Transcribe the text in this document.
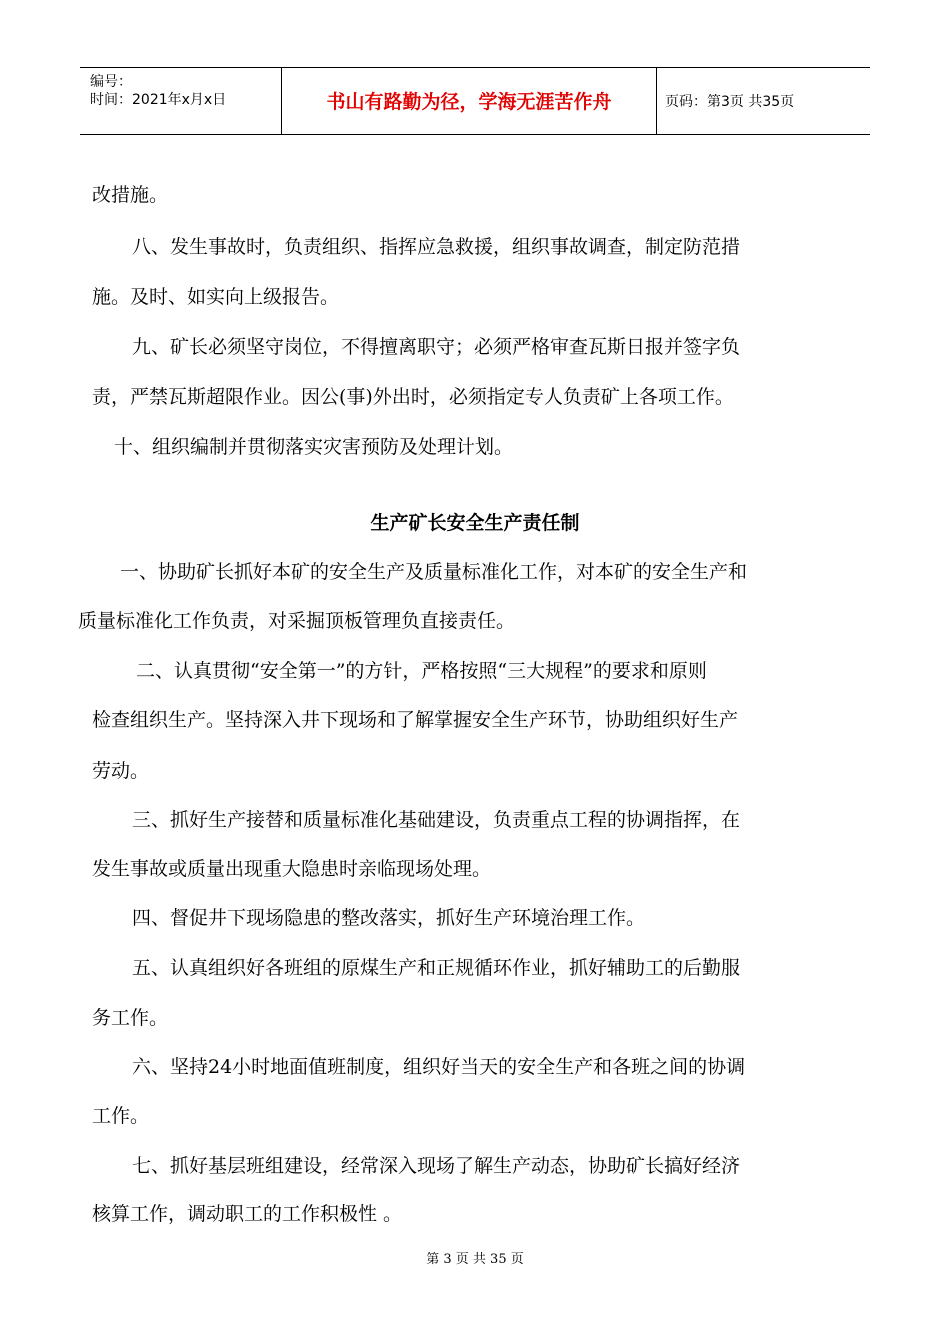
编号：
时间：2021年x月x日	书山有路勤为径，学海无涯苦作舟	页码：第3页 共35页
改措施。
八、发生事故时，负责组织、指挥应急救援，组织事故调查，制定防范措
施。及时、如实向上级报告。
九、矿长必须坚守岗位，不得擅离职守；必须严格审查瓦斯日报并签字负
责，严禁瓦斯超限作业。因公(事)外出时，必须指定专人负责矿上各项工作。
十、组织编制并贯彻落实灾害预防及处理计划。
生产矿长安全生产责任制
一、协助矿长抓好本矿的安全生产及质量标准化工作，对本矿的安全生产和
质量标准化工作负责，对采掘顶板管理负直接责任。
二、认真贯彻“安全第一”的方针，严格按照“三大规程”的要求和原则
检查组织生产。坚持深入井下现场和了解掌握安全生产环节，协助组织好生产
劳动。
三、抓好生产接替和质量标准化基础建设，负责重点工程的协调指挥，在
发生事故或质量出现重大隐患时亲临现场处理。
四、督促井下现场隐患的整改落实，抓好生产环境治理工作。
五、认真组织好各班组的原煤生产和正规循环作业，抓好辅助工的后勤服
务工作。
六、坚持24小时地面值班制度，组织好当天的安全生产和各班之间的协调
工作。
七、抓好基层班组建设，经常深入现场了解生产动态，协助矿长搞好经济
核算工作，调动职工的工作积极性 。
第 3 页 共 35 页
